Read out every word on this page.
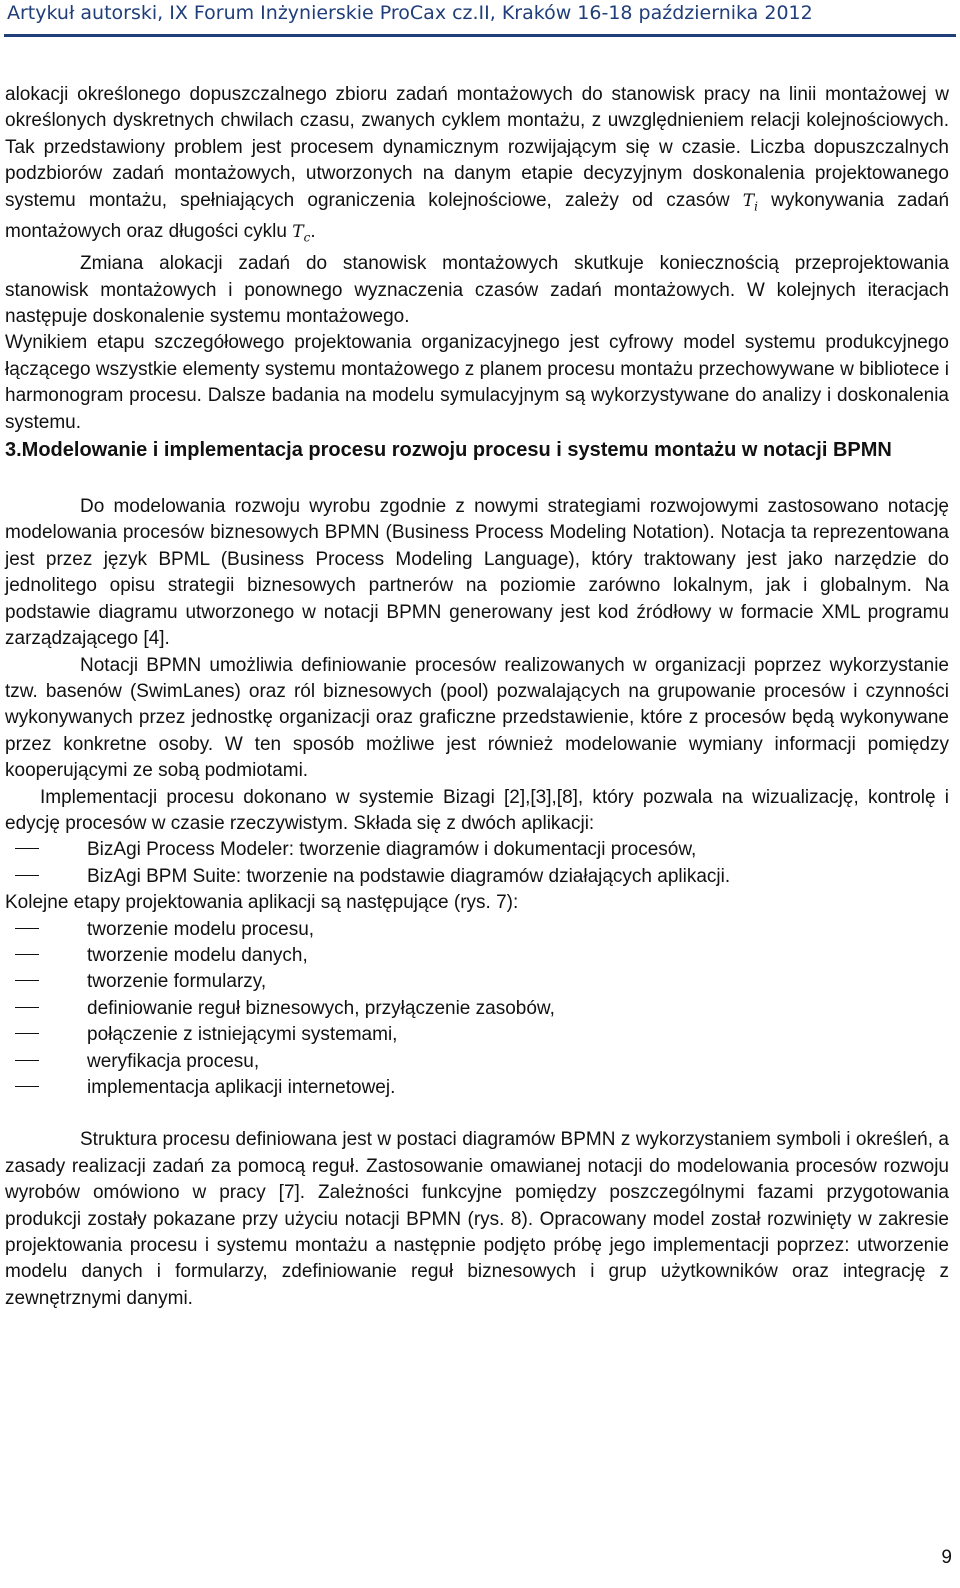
Artykuł autorski, IX Forum Inżynierskie ProCax cz.II, Kraków 16-18 października 2012

alokacji określonego dopuszczalnego zbioru zadań montażowych do stanowisk pracy na linii montażowej w określonych dyskretnych chwilach czasu, zwanych cyklem montażu, z uwzględnieniem relacji kolejnościowych. Tak przedstawiony problem jest procesem dynamicznym rozwijającym się w czasie. Liczba dopuszczalnych podzbiorów zadań montażowych, utworzonych na danym etapie decyzyjnym doskonalenia projektowanego systemu montażu, spełniających ograniczenia kolejnościowe, zależy od czasów $T_i$ wykonywania zadań montażowych oraz długości cyklu $T_c$.

Zmiana alokacji zadań do stanowisk montażowych skutkuje koniecznością przeprojektowania stanowisk montażowych i ponownego wyznaczenia czasów zadań montażowych. W kolejnych iteracjach następuje doskonalenie systemu montażowego.

Wynikiem etapu szczegółowego projektowania organizacyjnego jest cyfrowy model systemu produkcyjnego łączącego wszystkie elementy systemu montażowego z planem procesu montażu przechowywane w bibliotece i harmonogram procesu. Dalsze badania na modelu symulacyjnym są wykorzystywane do analizy i doskonalenia systemu.

3.Modelowanie i implementacja procesu rozwoju procesu i systemu montażu w notacji BPMN

Do modelowania rozwoju wyrobu zgodnie z nowymi strategiami rozwojowymi zastosowano notację modelowania procesów biznesowych BPMN (Business Process Modeling Notation). Notacja ta reprezentowana jest przez język BPML (Business Process Modeling Language), który traktowany jest jako narzędzie do jednolitego opisu strategii biznesowych partnerów na poziomie zarówno lokalnym, jak i globalnym. Na podstawie diagramu utworzonego w notacji BPMN generowany jest kod źródłowy w formacie XML programu zarządzającego [4].

Notacji BPMN umożliwia definiowanie procesów realizowanych w organizacji poprzez wykorzystanie tzw. basenów (SwimLanes) oraz ról biznesowych (pool) pozwalających na grupowanie procesów i czynności wykonywanych przez jednostkę organizacji oraz graficzne przedstawienie, które z procesów będą wykonywane przez konkretne osoby. W ten sposób możliwe jest również modelowanie wymiany informacji pomiędzy kooperującymi ze sobą podmiotami.

Implementacji procesu dokonano w systemie Bizagi [2],[3],[8], który pozwala na wizualizację, kontrolę i edycję procesów w czasie rzeczywistym. Składa się z dwóch aplikacji:

BizAgi Process Modeler: tworzenie diagramów i dokumentacji procesów,
BizAgi BPM Suite: tworzenie na podstawie diagramów działających aplikacji.

Kolejne etapy projektowania aplikacji są następujące (rys. 7):

tworzenie modelu procesu,
tworzenie modelu danych,
tworzenie formularzy,
definiowanie reguł biznesowych, przyłączenie zasobów,
połączenie z istniejącymi systemami,
weryfikacja procesu,
implementacja aplikacji internetowej.

Struktura procesu definiowana jest w postaci diagramów BPMN z wykorzystaniem symboli i określeń, a zasady realizacji zadań za pomocą reguł. Zastosowanie omawianej notacji do modelowania procesów rozwoju wyrobów omówiono w pracy [7]. Zależności funkcyjne pomiędzy poszczególnymi fazami przygotowania produkcji zostały pokazane przy użyciu notacji BPMN (rys. 8). Opracowany model został rozwinięty w zakresie projektowania procesu i systemu montażu a następnie podjęto próbę jego implementacji poprzez: utworzenie modelu danych i formularzy, zdefiniowanie reguł biznesowych i grup użytkowników oraz integrację z zewnętrznymi danymi.

9
